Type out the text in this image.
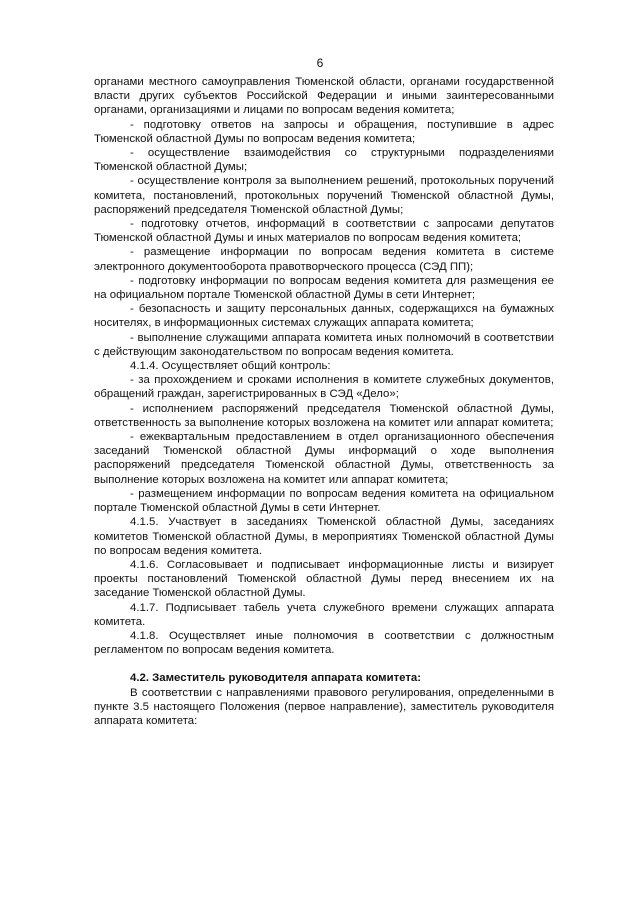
6

органами местного самоуправления Тюменской области, органами государственной власти других субъектов Российской Федерации и иными заинтересованными органами, организациями и лицами по вопросам ведения комитета;

- подготовку ответов на запросы и обращения, поступившие в адрес Тюменской областной Думы по вопросам ведения комитета;

- осуществление взаимодействия со структурными подразделениями Тюменской областной Думы;

- осуществление контроля за выполнением решений, протокольных поручений комитета, постановлений, протокольных поручений Тюменской областной Думы, распоряжений председателя Тюменской областной Думы;

- подготовку отчетов, информаций в соответствии с запросами депутатов Тюменской областной Думы и иных материалов по вопросам ведения комитета;

- размещение информации по вопросам ведения комитета в системе электронного документооборота правотворческого процесса (СЭД ПП);

- подготовку информации по вопросам ведения комитета для размещения ее на официальном портале Тюменской областной Думы в сети Интернет;

- безопасность и защиту персональных данных, содержащихся на бумажных носителях, в информационных системах служащих аппарата комитета;

- выполнение служащими аппарата комитета иных полномочий в соответствии с действующим законодательством по вопросам ведения комитета.

4.1.4. Осуществляет общий контроль:

- за прохождением и сроками исполнения в комитете служебных документов, обращений граждан, зарегистрированных в СЭД «Дело»;

- исполнением распоряжений председателя Тюменской областной Думы, ответственность за выполнение которых возложена на комитет или аппарат комитета;

- ежеквартальным предоставлением в отдел организационного обеспечения заседаний Тюменской областной Думы информаций о ходе выполнения распоряжений председателя Тюменской областной Думы, ответственность за выполнение которых возложена на комитет или аппарат комитета;

- размещением информации по вопросам ведения комитета на официальном портале Тюменской областной Думы в сети Интернет.

4.1.5. Участвует в заседаниях Тюменской областной Думы, заседаниях комитетов Тюменской областной Думы, в мероприятиях Тюменской областной Думы по вопросам ведения комитета.

4.1.6. Согласовывает и подписывает информационные листы и визирует проекты постановлений Тюменской областной Думы перед внесением их на заседание Тюменской областной Думы.

4.1.7. Подписывает табель учета служебного времени служащих аппарата комитета.

4.1.8. Осуществляет иные полномочия в соответствии с должностным регламентом по вопросам ведения комитета.

4.2. Заместитель руководителя аппарата комитета:

В соответствии с направлениями правового регулирования, определенными в пункте 3.5 настоящего Положения (первое направление), заместитель руководителя аппарата комитета:
